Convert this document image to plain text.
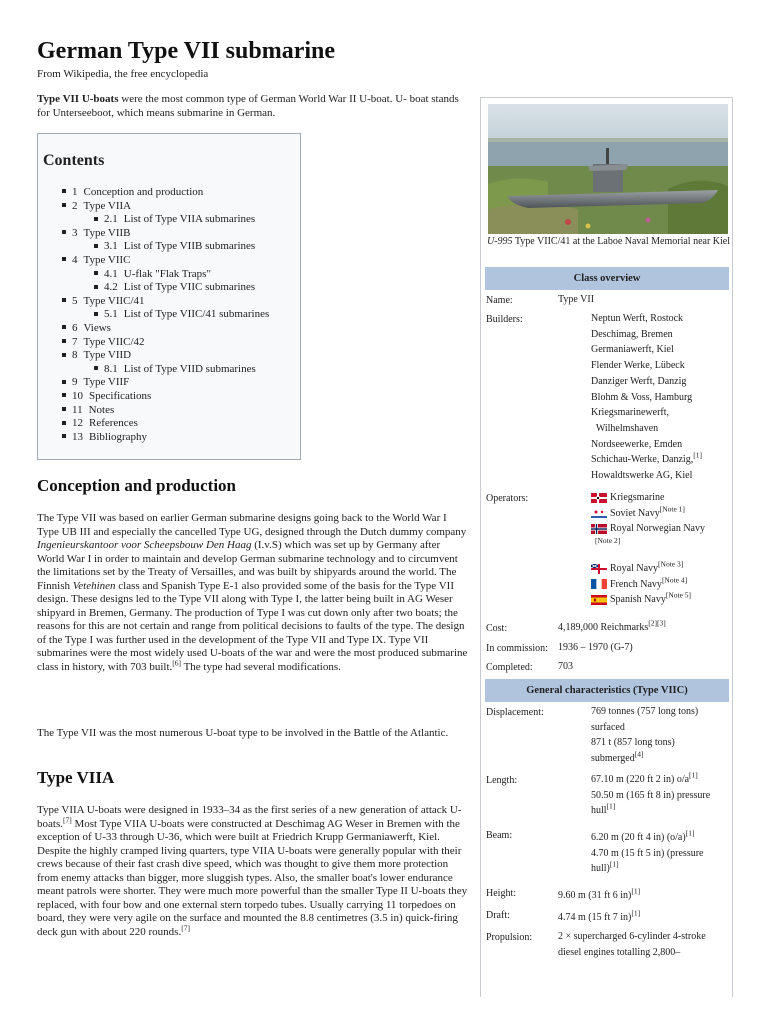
German Type VII submarine
From Wikipedia, the free encyclopedia
Type VII U-boats were the most common type of German World War II U-boat. U- boat stands for Unterseeboot, which means submarine in German.
Contents
1 Conception and production
2 Type VIIA
2.1 List of Type VIIA submarines
3 Type VIIB
3.1 List of Type VIIB submarines
4 Type VIIC
4.1 U-flak "Flak Traps"
4.2 List of Type VIIC submarines
5 Type VIIC/41
5.1 List of Type VIIC/41 submarines
6 Views
7 Type VIIC/42
8 Type VIID
8.1 List of Type VIID submarines
9 Type VIIF
10 Specifications
11 Notes
12 References
13 Bibliography
Conception and production
The Type VII was based on earlier German submarine designs going back to the World War I Type UB III and especially the cancelled Type UG, designed through the Dutch dummy company Ingenieurskantoor voor Scheepsbouw Den Haag (I.v.S) which was set up by Germany after World War I in order to maintain and develop German submarine technology and to circumvent the limitations set by the Treaty of Versailles, and was built by shipyards around the world. The Finnish Vetehinen class and Spanish Type E-1 also provided some of the basis for the Type VII design. These designs led to the Type VII along with Type I, the latter being built in AG Weser shipyard in Bremen, Germany. The production of Type I was cut down only after two boats; the reasons for this are not certain and range from political decisions to faults of the type. The design of the Type I was further used in the development of the Type VII and Type IX. Type VII submarines were the most widely used U-boats of the war and were the most produced submarine class in history, with 703 built.[6] The type had several modifications.
The Type VII was the most numerous U-boat type to be involved in the Battle of the Atlantic.
Type VIIA
Type VIIA U-boats were designed in 1933–34 as the first series of a new generation of attack U-boats.[7] Most Type VIIA U-boats were constructed at Deschimag AG Weser in Bremen with the exception of U-33 through U-36, which were built at Friedrich Krupp Germaniawerft, Kiel. Despite the highly cramped living quarters, type VIIA U-boats were generally popular with their crews because of their fast crash dive speed, which was thought to give them more protection from enemy attacks than bigger, more sluggish types. Also, the smaller boat's lower endurance meant patrols were shorter. They were much more powerful than the smaller Type II U-boats they replaced, with four bow and one external stern torpedo tubes. Usually carrying 11 torpedoes on board, they were very agile on the surface and mounted the 8.8 centimetres (3.5 in) quick-firing deck gun with about 220 rounds.[7]
U-995 Type VIIC/41 at the Laboe Naval Memorial near Kiel
Class overview
Name:	Type VII
Builders:	Neptun Werft, Rostock
Deschimag, Bremen
Germaniawerft, Kiel
Flender Werke, Lübeck
Danziger Werft, Danzig
Blohm & Voss, Hamburg
Kriegsmarinewerft,
Wilhelmshaven
Nordseewerke, Emden
Schichau-Werke, Danzig,[1]
Howaldtswerke AG, Kiel
Operators:	Kriegsmarine
Soviet Navy[Note 1]
Royal Norwegian Navy
[Note 2]
Royal Navy[Note 3]
French Navy[Note 4]
Spanish Navy[Note 5]
Cost:	4,189,000 Reichmarks[2][3]
In commission: 1936 – 1970 (G-7)
Completed:	703
General characteristics (Type VIIC)
Displacement:	769 tonnes (757 long tons)
surfaced
871 t (857 long tons)
submerged[4]
Length:	67.10 m (220 ft 2 in) o/a[1]
50.50 m (165 ft 8 in) pressure
hull[1]
Beam:	6.20 m (20 ft 4 in) (o/a)[1]
4.70 m (15 ft 5 in) (pressure
hull)[1]
Height:	9.60 m (31 ft 6 in)[1]
Draft:	4.74 m (15 ft 7 in)[1]
Propulsion:	2 × supercharged 6-cylinder 4-stroke
diesel engines totalling 2,800–
